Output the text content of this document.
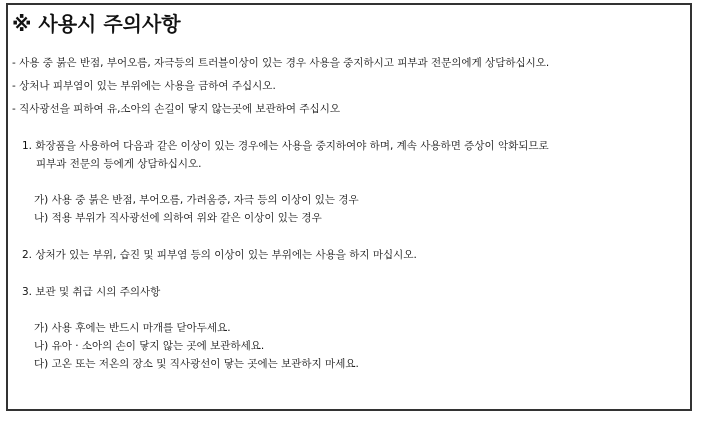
※ 사용시 주의사항

- 사용 중 붉은 반점, 부어오름, 자극등의 트러블이상이 있는 경우 사용을 중지하시고 피부과 전문의에게 상담하십시오.

- 상처나 피부염이 있는 부위에는 사용을 금하여 주십시오.

- 직사광선을 피하여 유,소아의 손길이 닿지 않는곳에 보관하여 주십시오

1. 화장품을 사용하여 다음과 같은 이상이 있는 경우에는 사용을 중지하여야 하며, 계속 사용하면 증상이 악화되므로

피부과 전문의 등에게 상담하십시오.

가) 사용 중 붉은 반점, 부어오름, 가려움증, 자극 등의 이상이 있는 경우

나) 적용 부위가 직사광선에 의하여 위와 같은 이상이 있는 경우

2. 상처가 있는 부위, 습진 및 피부염 등의 이상이 있는 부위에는 사용을 하지 마십시오.

3. 보관 및 취급 시의 주의사항

가) 사용 후에는 반드시 마개를 닫아두세요.

나) 유아 · 소아의 손이 닿지 않는 곳에 보관하세요.

다) 고온 또는 저온의 장소 및 직사광선이 닿는 곳에는 보관하지 마세요.
